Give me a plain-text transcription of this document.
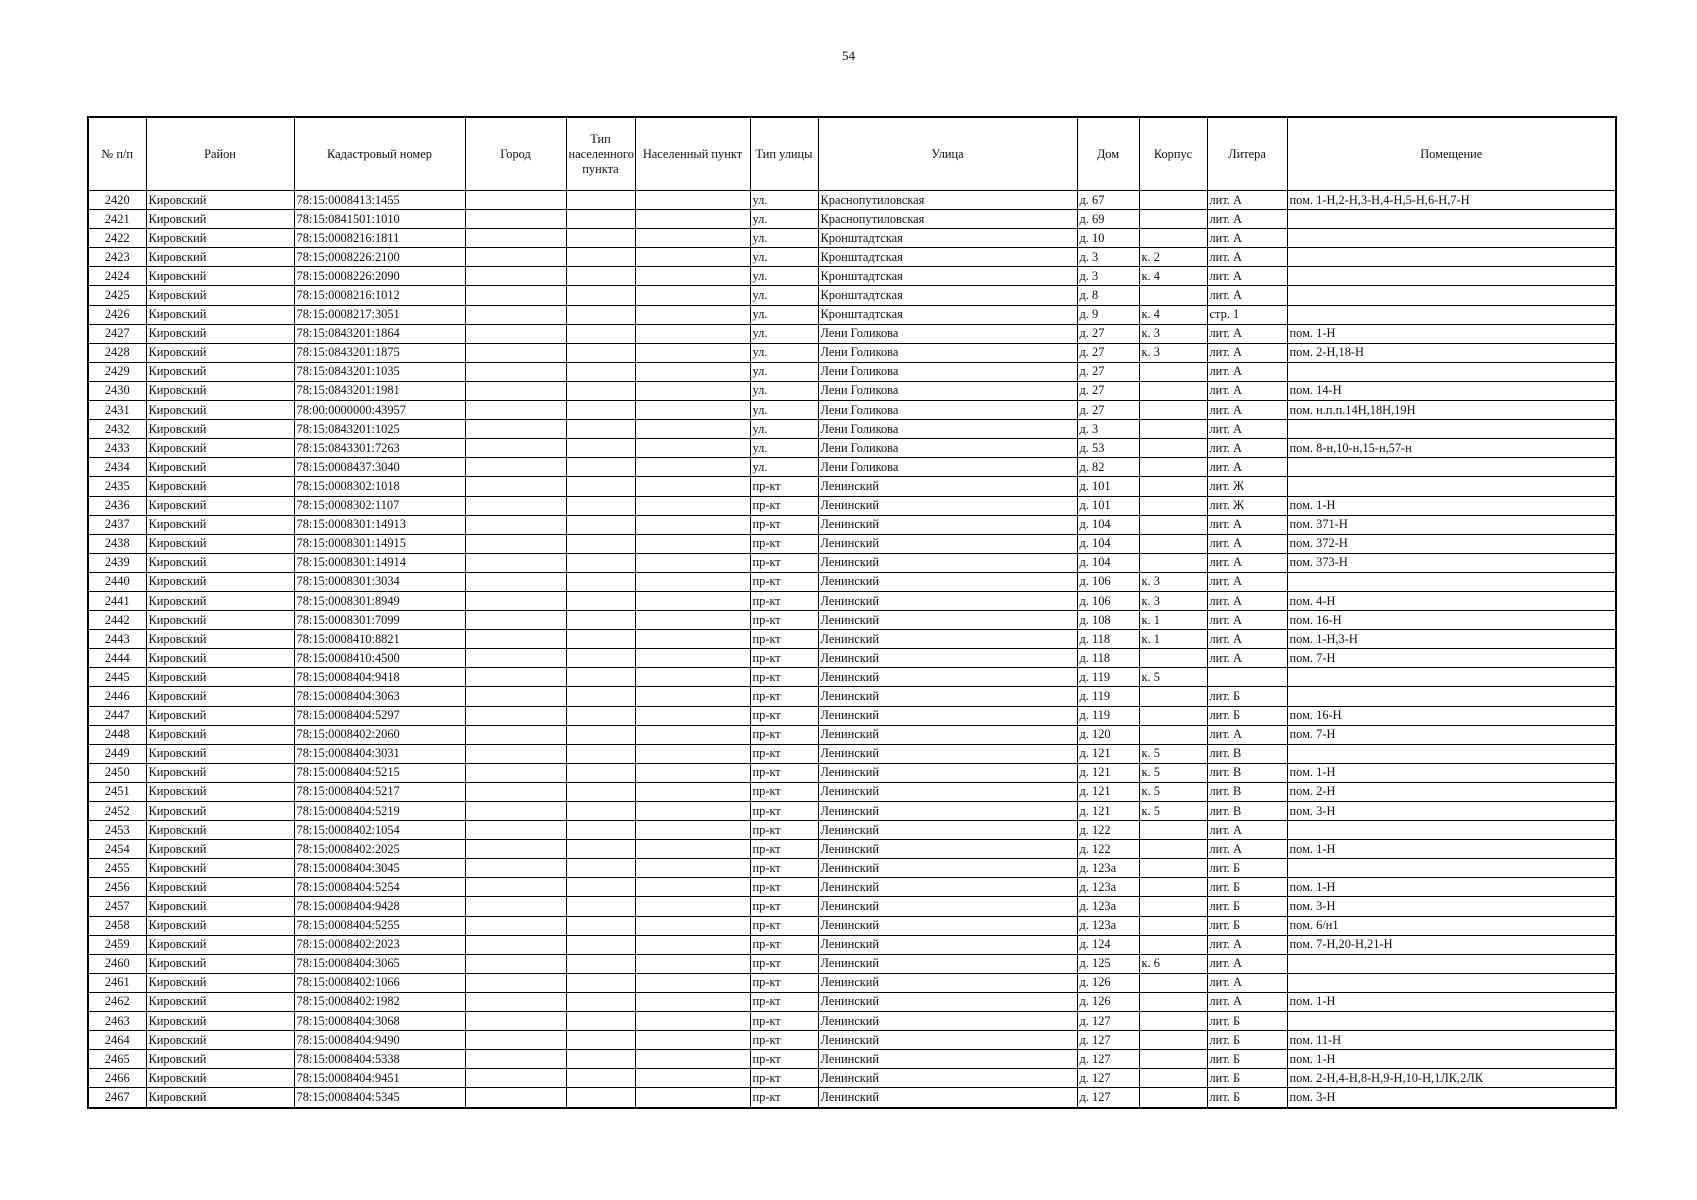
54
№ п/п	Район	Кадастровый номер	Город	Тип населенного пункта	Населенный пункт	Тип улицы	Улица	Дом	Корпус	Литера	Помещение
2420	Кировский	78:15:0008413:1455				ул.	Краснопутиловская	д. 67		лит. А	пом. 1-Н,2-Н,3-Н,4-Н,5-Н,6-Н,7-Н
2421	Кировский	78:15:0841501:1010				ул.	Краснопутиловская	д. 69		лит. А	
2422	Кировский	78:15:0008216:1811				ул.	Кронштадтская	д. 10		лит. А	
2423	Кировский	78:15:0008226:2100				ул.	Кронштадтская	д. 3	к. 2	лит. А	
2424	Кировский	78:15:0008226:2090				ул.	Кронштадтская	д. 3	к. 4	лит. А	
2425	Кировский	78:15:0008216:1012				ул.	Кронштадтская	д. 8		лит. А	
2426	Кировский	78:15:0008217:3051				ул.	Кронштадтская	д. 9	к. 4	стр. 1	
2427	Кировский	78:15:0843201:1864				ул.	Лени Голикова	д. 27	к. 3	лит. А	пом. 1-Н
2428	Кировский	78:15:0843201:1875				ул.	Лени Голикова	д. 27	к. 3	лит. А	пом. 2-Н,18-Н
2429	Кировский	78:15:0843201:1035				ул.	Лени Голикова	д. 27		лит. А	
2430	Кировский	78:15:0843201:1981				ул.	Лени Голикова	д. 27		лит. А	пом. 14-Н
2431	Кировский	78:00:0000000:43957				ул.	Лени Голикова	д. 27		лит. А	пом. н.п.п.14Н,18Н,19Н
2432	Кировский	78:15:0843201:1025				ул.	Лени Голикова	д. 3		лит. А	
2433	Кировский	78:15:0843301:7263				ул.	Лени Голикова	д. 53		лит. А	пом. 8-н,10-н,15-н,57-н
2434	Кировский	78:15:0008437:3040				ул.	Лени Голикова	д. 82		лит. А	
2435	Кировский	78:15:0008302:1018				пр-кт	Ленинский	д. 101		лит. Ж	
2436	Кировский	78:15:0008302:1107				пр-кт	Ленинский	д. 101		лит. Ж	пом. 1-Н
2437	Кировский	78:15:0008301:14913				пр-кт	Ленинский	д. 104		лит. А	пом. 371-Н
2438	Кировский	78:15:0008301:14915				пр-кт	Ленинский	д. 104		лит. А	пом. 372-Н
2439	Кировский	78:15:0008301:14914				пр-кт	Ленинский	д. 104		лит. А	пом. 373-Н
2440	Кировский	78:15:0008301:3034				пр-кт	Ленинский	д. 106	к. 3	лит. А	
2441	Кировский	78:15:0008301:8949				пр-кт	Ленинский	д. 106	к. 3	лит. А	пом. 4-Н
2442	Кировский	78:15:0008301:7099				пр-кт	Ленинский	д. 108	к. 1	лит. А	пом. 16-Н
2443	Кировский	78:15:0008410:8821				пр-кт	Ленинский	д. 118	к. 1	лит. А	пом. 1-Н,3-Н
2444	Кировский	78:15:0008410:4500				пр-кт	Ленинский	д. 118		лит. А	пом. 7-Н
2445	Кировский	78:15:0008404:9418				пр-кт	Ленинский	д. 119	к. 5		
2446	Кировский	78:15:0008404:3063				пр-кт	Ленинский	д. 119		лит. Б	
2447	Кировский	78:15:0008404:5297				пр-кт	Ленинский	д. 119		лит. Б	пом. 16-Н
2448	Кировский	78:15:0008402:2060				пр-кт	Ленинский	д. 120		лит. А	пом. 7-Н
2449	Кировский	78:15:0008404:3031				пр-кт	Ленинский	д. 121	к. 5	лит. В	
2450	Кировский	78:15:0008404:5215				пр-кт	Ленинский	д. 121	к. 5	лит. В	пом. 1-Н
2451	Кировский	78:15:0008404:5217				пр-кт	Ленинский	д. 121	к. 5	лит. В	пом. 2-Н
2452	Кировский	78:15:0008404:5219				пр-кт	Ленинский	д. 121	к. 5	лит. В	пом. 3-Н
2453	Кировский	78:15:0008402:1054				пр-кт	Ленинский	д. 122		лит. А	
2454	Кировский	78:15:0008402:2025				пр-кт	Ленинский	д. 122		лит. А	пом. 1-Н
2455	Кировский	78:15:0008404:3045				пр-кт	Ленинский	д. 123а		лит. Б	
2456	Кировский	78:15:0008404:5254				пр-кт	Ленинский	д. 123а		лит. Б	пом. 1-Н
2457	Кировский	78:15:0008404:9428				пр-кт	Ленинский	д. 123а		лит. Б	пом. 3-Н
2458	Кировский	78:15:0008404:5255				пр-кт	Ленинский	д. 123а		лит. Б	пом. 6/н1
2459	Кировский	78:15:0008402:2023				пр-кт	Ленинский	д. 124		лит. А	пом. 7-Н,20-Н,21-Н
2460	Кировский	78:15:0008404:3065				пр-кт	Ленинский	д. 125	к. 6	лит. А	
2461	Кировский	78:15:0008402:1066				пр-кт	Ленинский	д. 126		лит. А	
2462	Кировский	78:15:0008402:1982				пр-кт	Ленинский	д. 126		лит. А	пом. 1-Н
2463	Кировский	78:15:0008404:3068				пр-кт	Ленинский	д. 127		лит. Б	
2464	Кировский	78:15:0008404:9490				пр-кт	Ленинский	д. 127		лит. Б	пом. 11-Н
2465	Кировский	78:15:0008404:5338				пр-кт	Ленинский	д. 127		лит. Б	пом. 1-Н
2466	Кировский	78:15:0008404:9451				пр-кт	Ленинский	д. 127		лит. Б	пом. 2-Н,4-Н,8-Н,9-Н,10-Н,1ЛК,2ЛК
2467	Кировский	78:15:0008404:5345				пр-кт	Ленинский	д. 127		лит. Б	пом. 3-Н
